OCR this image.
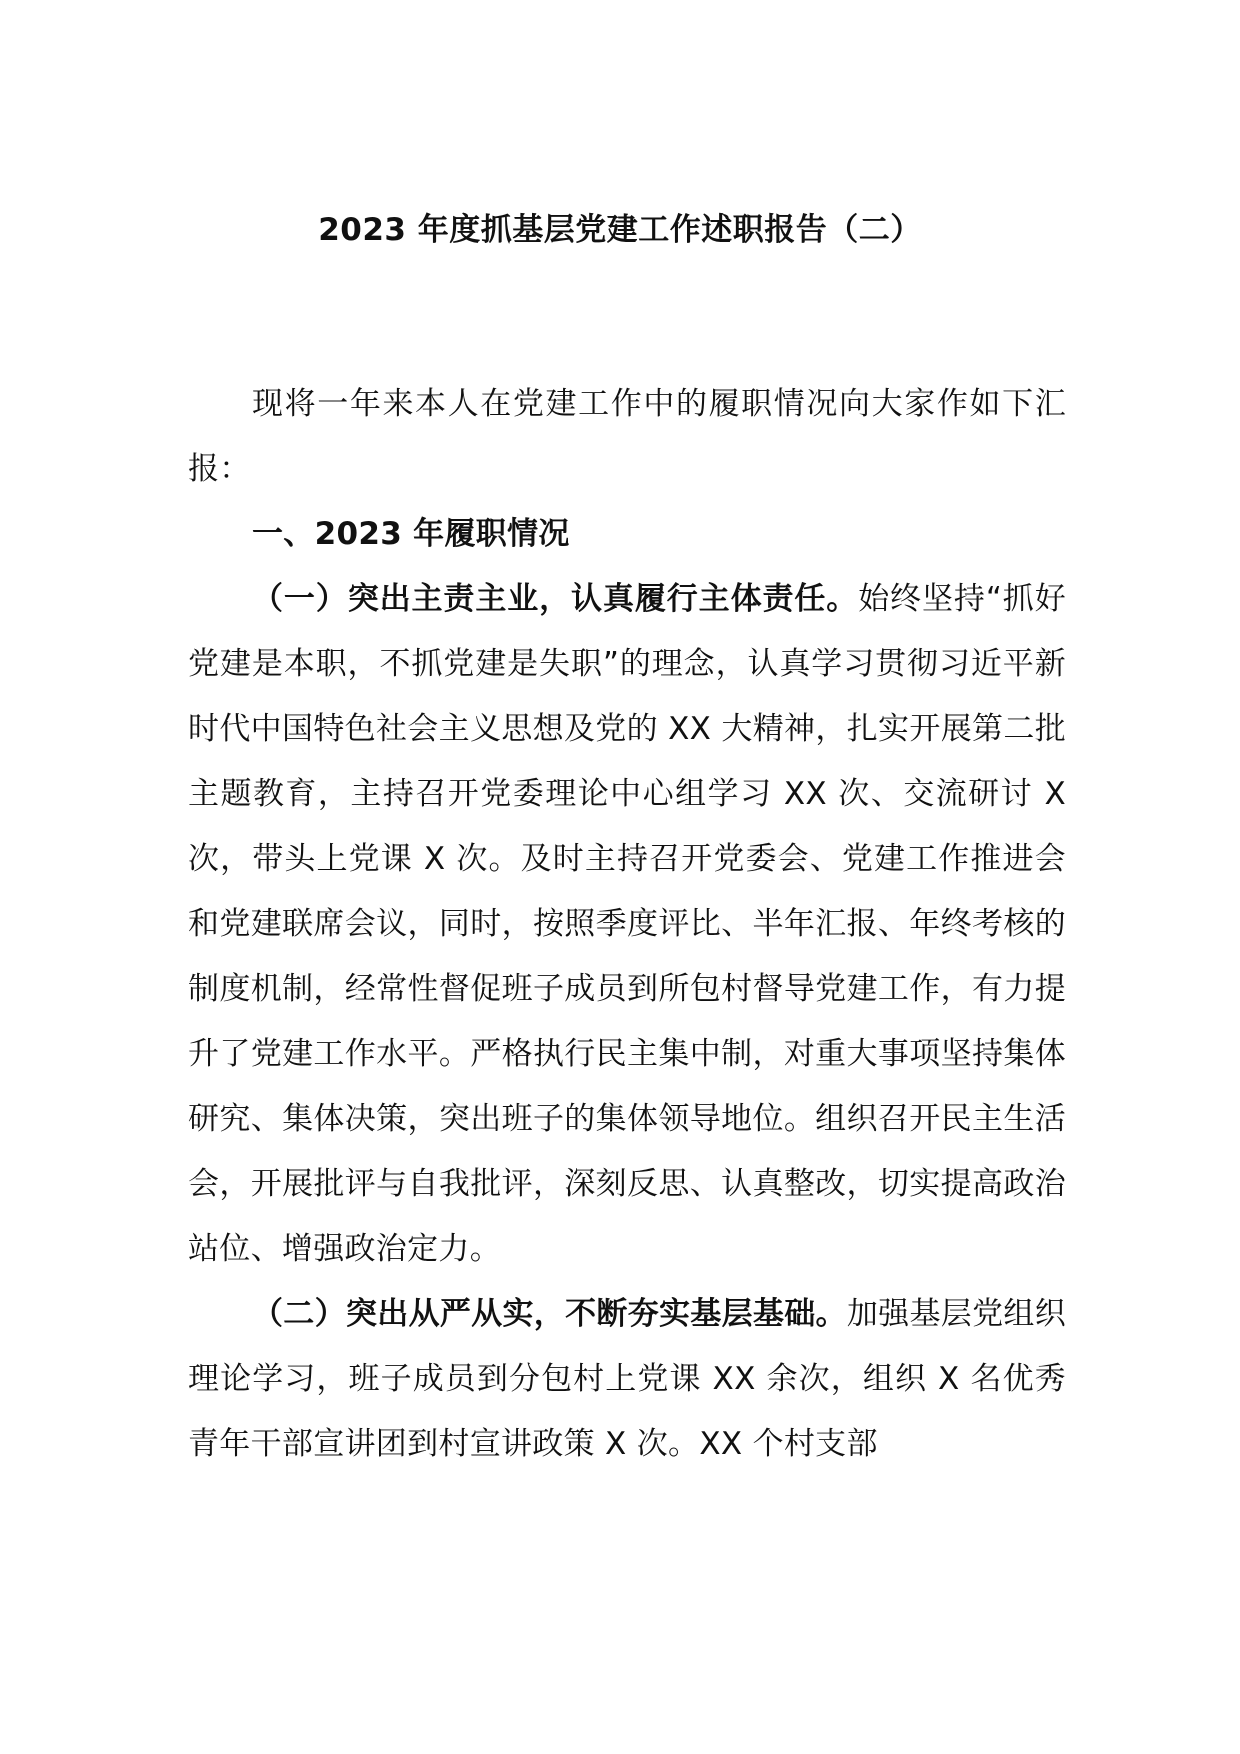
2023 年度抓基层党建工作述职报告（二）

现将一年来本人在党建工作中的履职情况向大家作如下汇报：

一、2023 年履职情况

（一）突出主责主业，认真履行主体责任。始终坚持“抓好党建是本职，不抓党建是失职”的理念，认真学习贯彻习近平新时代中国特色社会主义思想及党的 XX 大精神，扎实开展第二批主题教育，主持召开党委理论中心组学习 XX 次、交流研讨 X 次，带头上党课 X 次。及时主持召开党委会、党建工作推进会和党建联席会议，同时，按照季度评比、半年汇报、年终考核的制度机制，经常性督促班子成员到所包村督导党建工作，有力提升了党建工作水平。严格执行民主集中制，对重大事项坚持集体研究、集体决策，突出班子的集体领导地位。组织召开民主生活会，开展批评与自我批评，深刻反思、认真整改，切实提高政治站位、增强政治定力。

（二）突出从严从实，不断夯实基层基础。加强基层党组织理论学习，班子成员到分包村上党课 XX 余次，组织 X 名优秀青年干部宣讲团到村宣讲政策 X 次。XX 个村支部
